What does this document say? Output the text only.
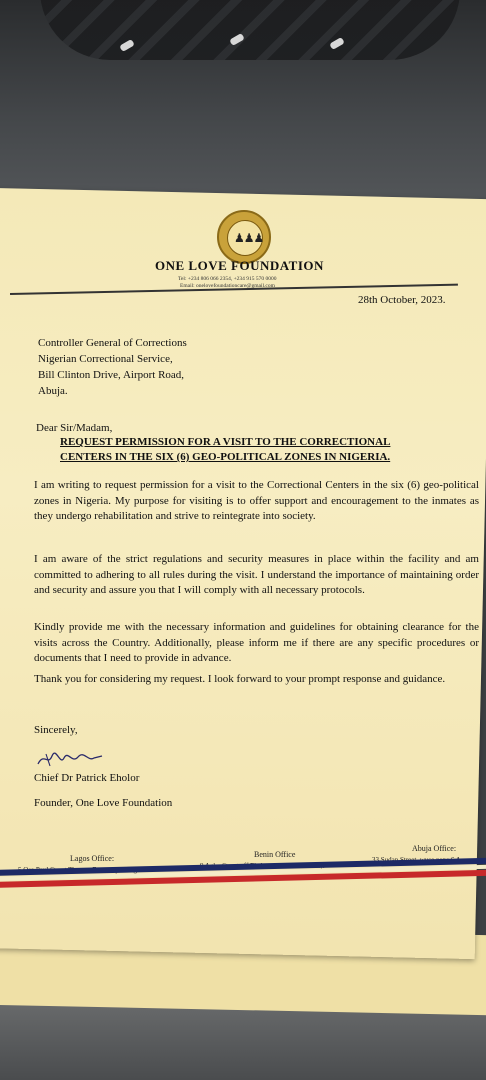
♟♟♟
ONE LOVE FOUNDATION
Tel: +234 806 066 2354, +234 915 570 0000
Email: onelovefoundationcare@gmail.com
28th October, 2023.
Controller General of Corrections
Nigerian Correctional Service,
Bill Clinton Drive, Airport Road,
Abuja.
Dear Sir/Madam,
REQUEST PERMISSION FOR A VISIT TO THE CORRECTIONAL
CENTERS IN THE SIX (6) GEO-POLITICAL ZONES IN NIGERIA.
I am writing to request permission for a visit to the Correctional Centers in the six (6) geo-political zones in Nigeria. My purpose for visiting is to offer support and encouragement to the inmates as they undergo rehabilitation and strive to reintegrate into society.
I am aware of the strict regulations and security measures in place within the facility and am committed to adhering to all rules during the visit. I understand the importance of maintaining order and security and assure you that I will comply with all necessary protocols.
Kindly provide me with the necessary information and guidelines for obtaining clearance for the visits across the Country. Additionally, please inform me if there are any specific procedures or documents that I need to provide in advance.
Thank you for considering my request. I look forward to your prompt response and guidance.
Sincerely,
Chief Dr Patrick Eholor
Founder, One Love Foundation
Lagos Office:	Benin Office
Abuja Office:
